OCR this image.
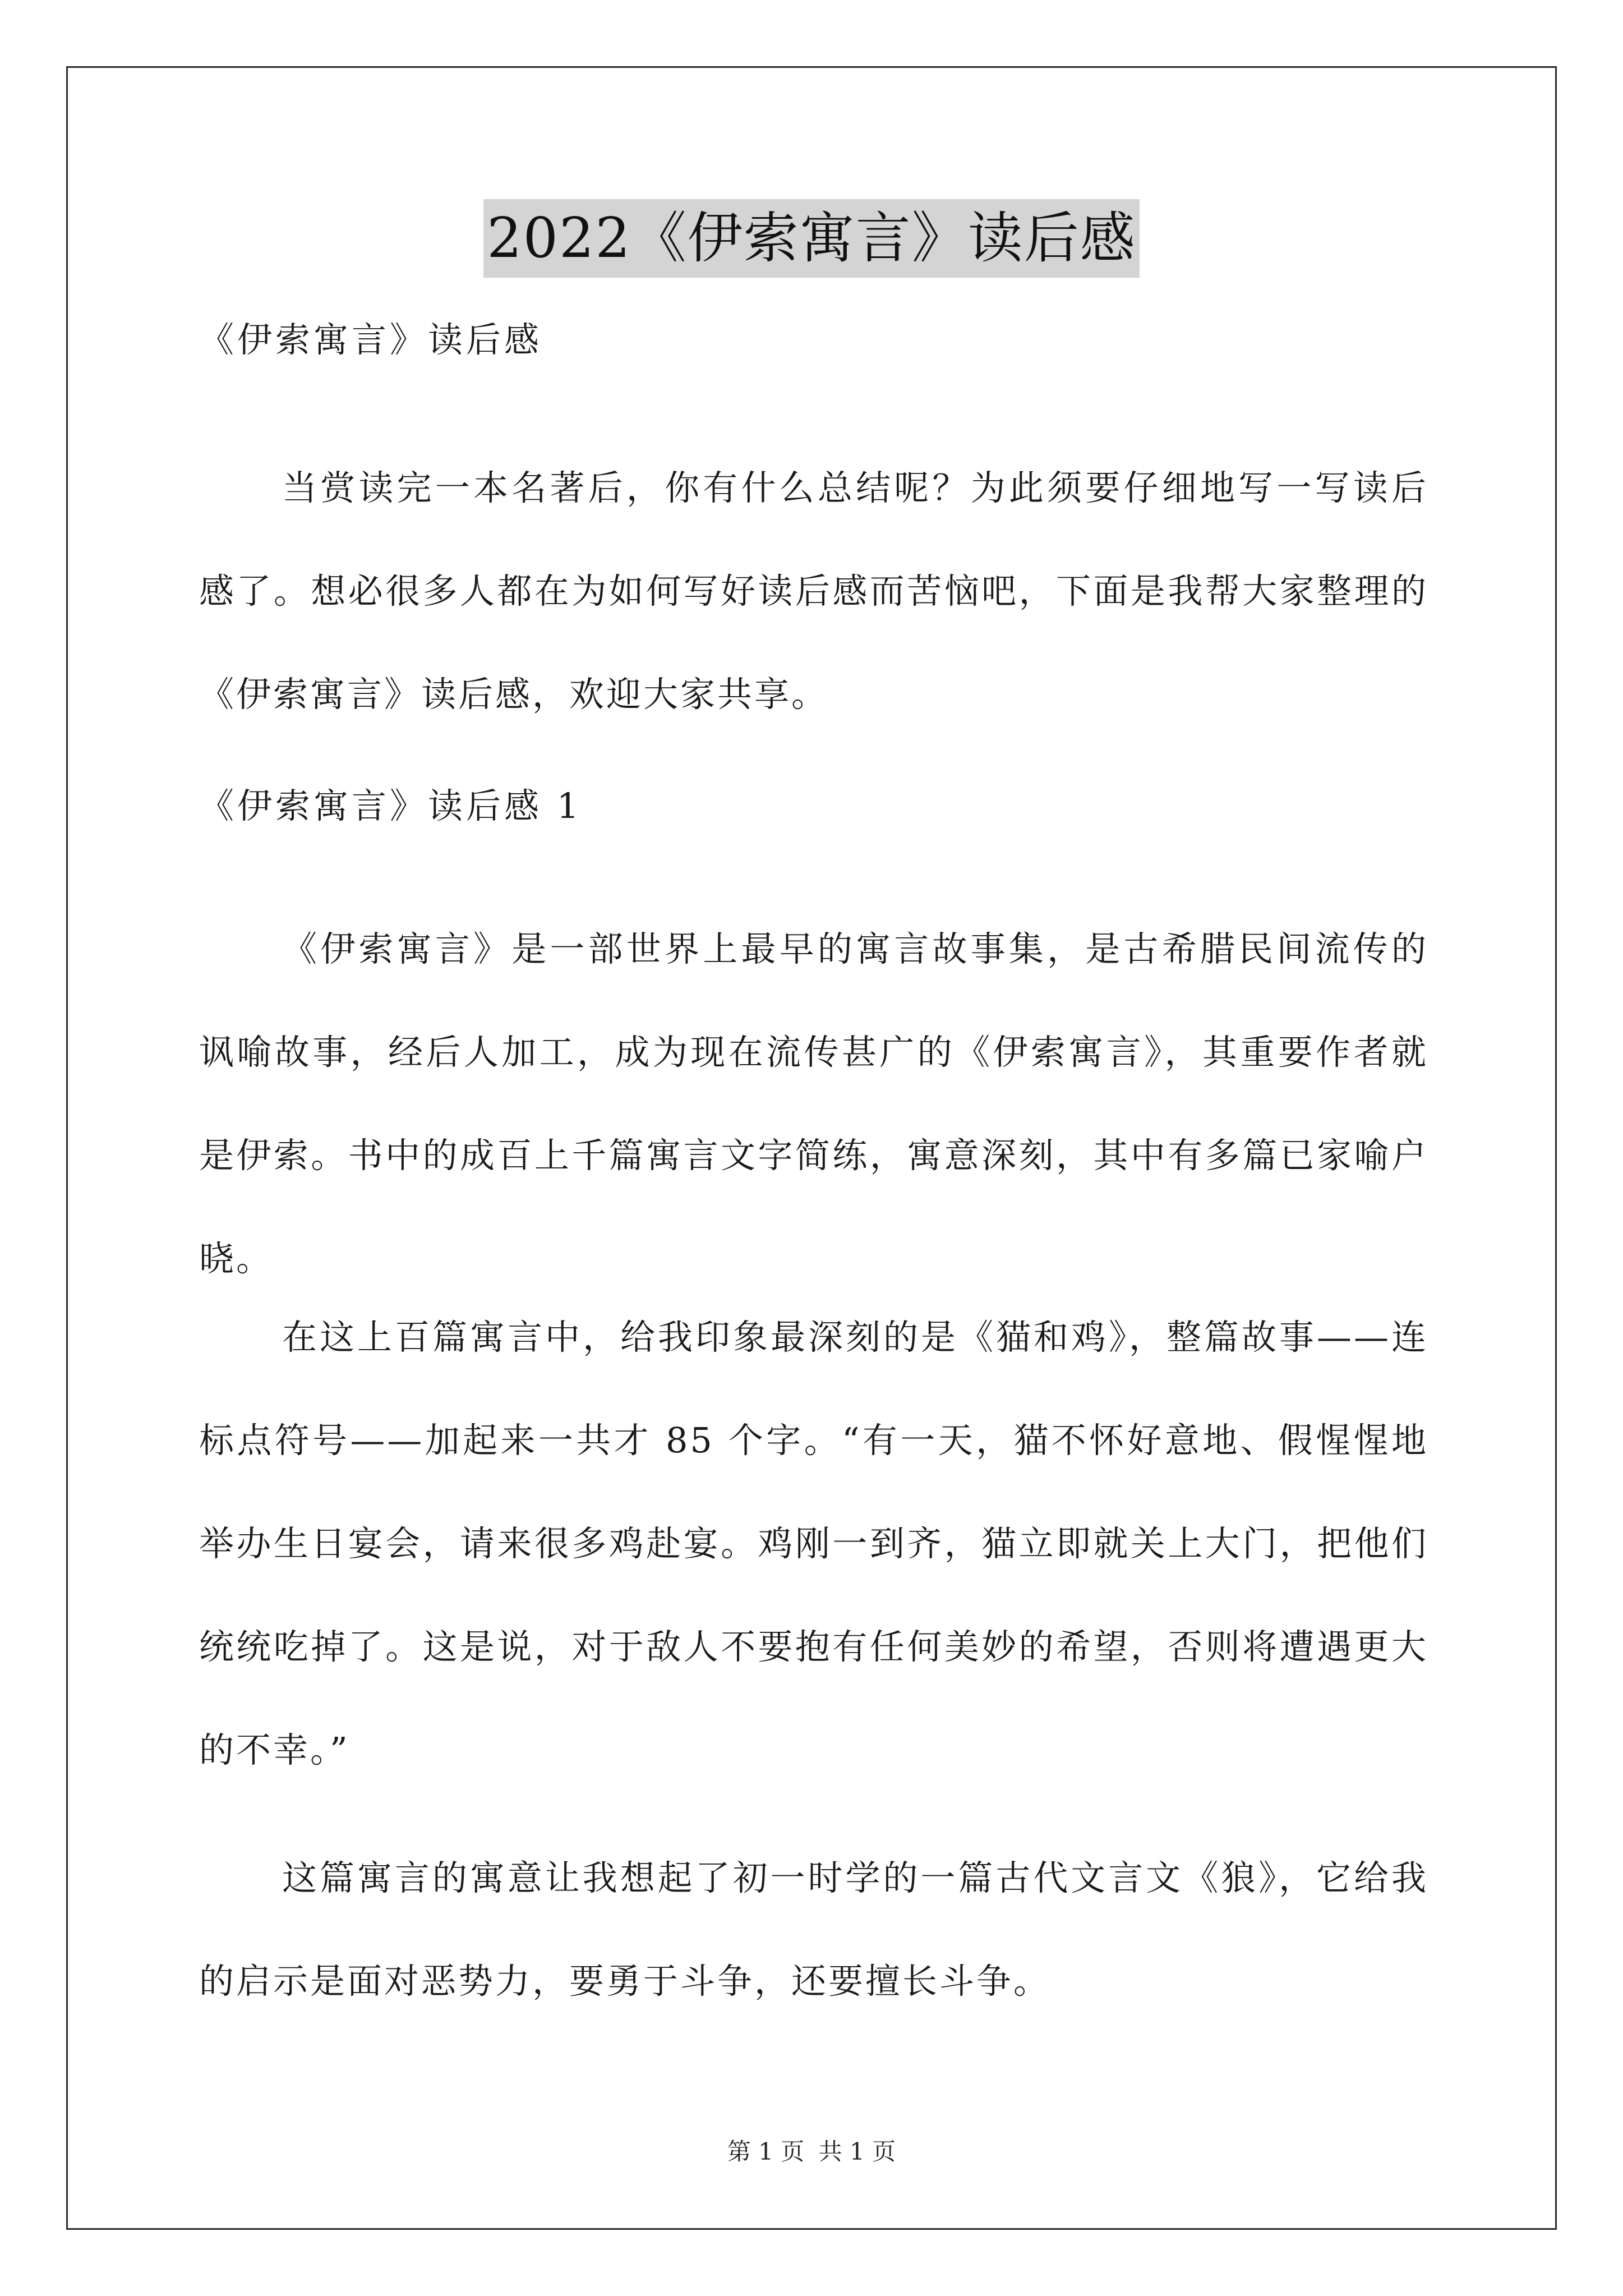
2022《伊索寓言》读后感
《伊索寓言》读后感
当赏读完一本名著后，你有什么总结呢？为此须要仔细地写一写读后感了。想必很多人都在为如何写好读后感而苦恼吧，下面是我帮大家整理的《伊索寓言》读后感，欢迎大家共享。
《伊索寓言》读后感 1
《伊索寓言》是一部世界上最早的寓言故事集，是古希腊民间流传的讽喻故事，经后人加工，成为现在流传甚广的《伊索寓言》，其重要作者就是伊索。书中的成百上千篇寓言文字简练，寓意深刻，其中有多篇已家喻户晓。
在这上百篇寓言中，给我印象最深刻的是《猫和鸡》，整篇故事——连标点符号——加起来一共才 85 个字。“有一天，猫不怀好意地、假惺惺地举办生日宴会，请来很多鸡赴宴。鸡刚一到齐，猫立即就关上大门，把他们统统吃掉了。这是说，对于敌人不要抱有任何美妙的希望，否则将遭遇更大的不幸。”
这篇寓言的寓意让我想起了初一时学的一篇古代文言文《狼》，它给我的启示是面对恶势力，要勇于斗争，还要擅长斗争。
第 1 页 共 1 页
